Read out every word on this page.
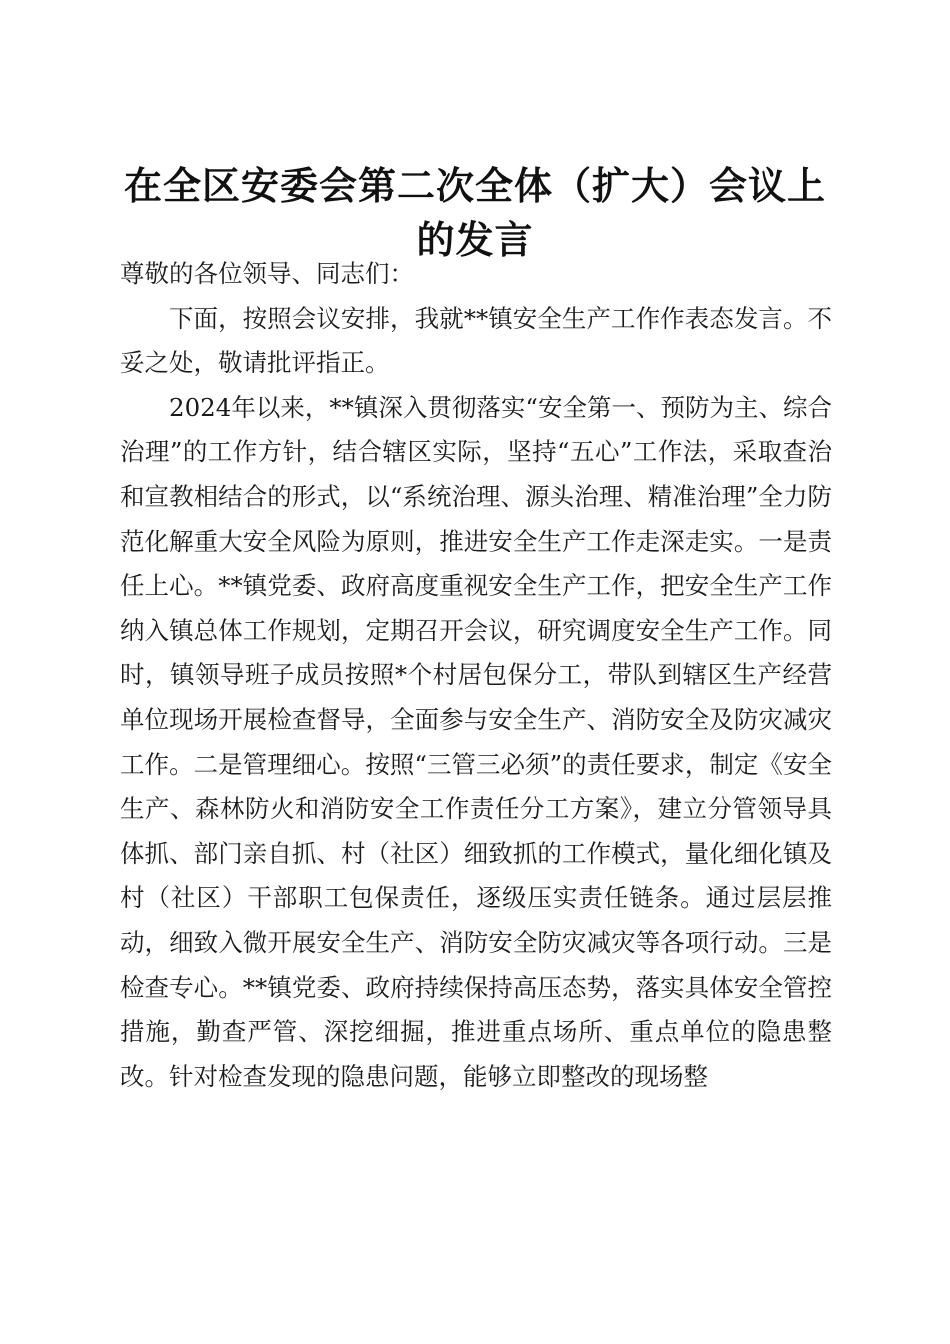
在全区安委会第二次全体（扩大）会议上的发言

尊敬的各位领导、同志们：

下面，按照会议安排，我就**镇安全生产工作作表态发言。不妥之处，敬请批评指正。

2024年以来，**镇深入贯彻落实“安全第一、预防为主、综合治理”的工作方针，结合辖区实际，坚持“五心”工作法，采取查治和宣教相结合的形式，以“系统治理、源头治理、精准治理”全力防范化解重大安全风险为原则，推进安全生产工作走深走实。一是责任上心。**镇党委、政府高度重视安全生产工作，把安全生产工作纳入镇总体工作规划，定期召开会议，研究调度安全生产工作。同时，镇领导班子成员按照*个村居包保分工，带队到辖区生产经营单位现场开展检查督导，全面参与安全生产、消防安全及防灾减灾工作。二是管理细心。按照“三管三必须”的责任要求，制定《安全生产、森林防火和消防安全工作责任分工方案》，建立分管领导具体抓、部门亲自抓、村（社区）细致抓的工作模式，量化细化镇及村（社区）干部职工包保责任，逐级压实责任链条。通过层层推动，细致入微开展安全生产、消防安全防灾减灾等各项行动。三是检查专心。**镇党委、政府持续保持高压态势，落实具体安全管控措施，勤查严管、深挖细掘，推进重点场所、重点单位的隐患整改。针对检查发现的隐患问题，能够立即整改的现场整
